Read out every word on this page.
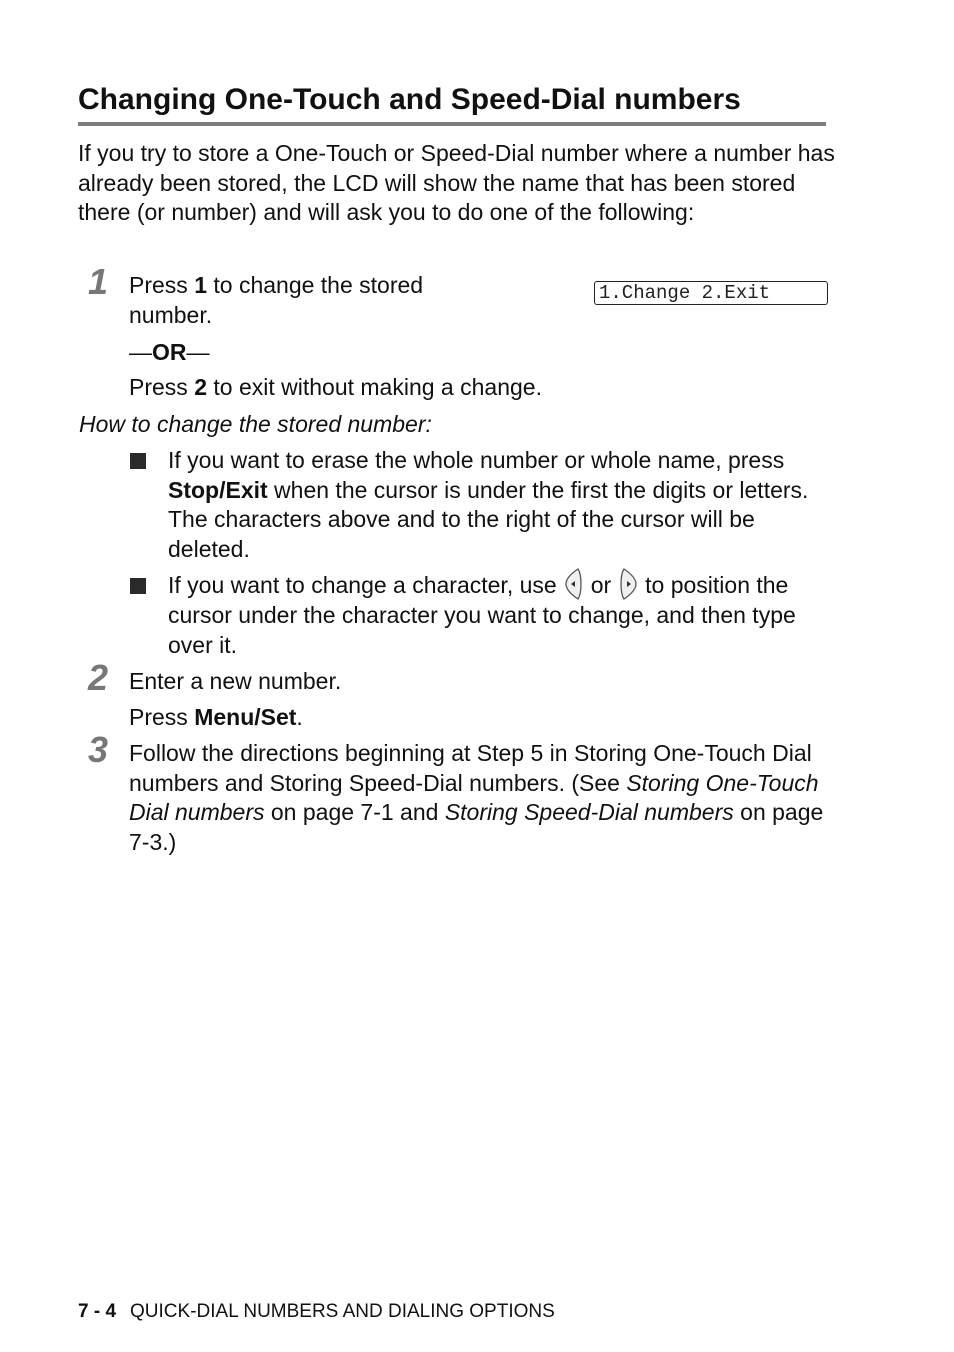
Changing One-Touch and Speed-Dial numbers
If you try to store a One-Touch or Speed-Dial number where a number has already been stored, the LCD will show the name that has been stored there (or number) and will ask you to do one of the following:
1 Press 1 to change the stored number.
1.Change 2.Exit
—OR—
Press 2 to exit without making a change.
How to change the stored number:
If you want to erase the whole number or whole name, press Stop/Exit when the cursor is under the first the digits or letters. The characters above and to the right of the cursor will be deleted.
If you want to change a character, use or to position the cursor under the character you want to change, and then type over it.
2 Enter a new number.
Press Menu/Set.
3 Follow the directions beginning at Step 5 in Storing One-Touch Dial numbers and Storing Speed-Dial numbers. (See Storing One-Touch Dial numbers on page 7-1 and Storing Speed-Dial numbers on page 7-3.)
7 - 4 QUICK-DIAL NUMBERS AND DIALING OPTIONS
